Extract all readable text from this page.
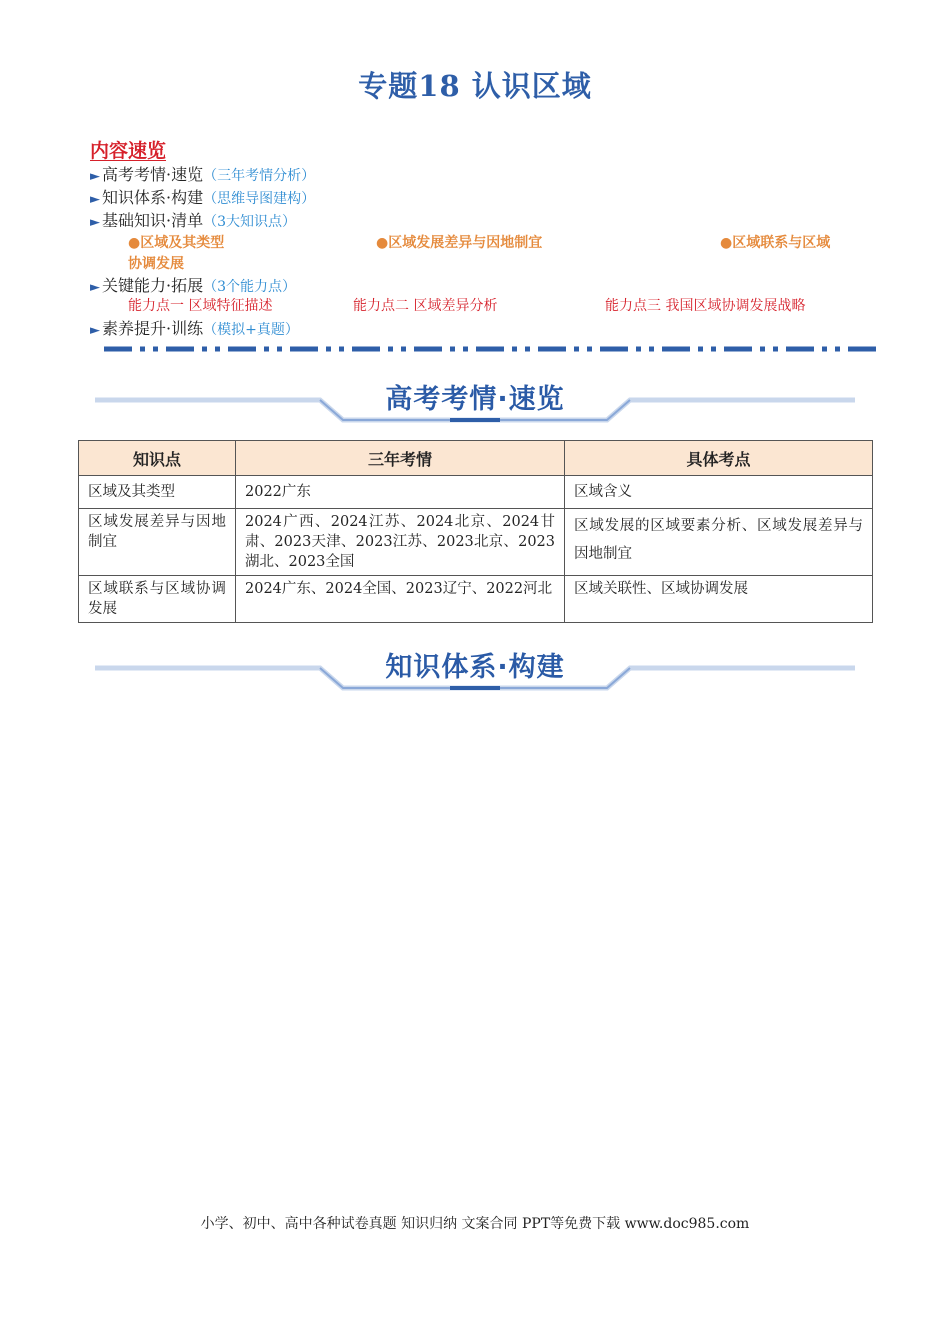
专题18 认识区域
内容速览
► 高考考情·速览（三年考情分析）
► 知识体系·构建（思维导图建构）
► 基础知识·清单（3大知识点）
●区域及其类型	●区域发展差异与因地制宜	●区域联系与区域
协调发展
► 关键能力·拓展（3个能力点）
能力点一 区域特征描述	能力点二 区域差异分析	能力点三 我国区域协调发展战略
► 素养提升·训练（模拟+真题）
高考考情·速览
知识点	三年考情	具体考点
区域及其类型	2022广东	区域含义
区域发展差异与因地制宜	2024广西、2024江苏、2024北京、2024甘肃、2023天津、2023江苏、2023北京、2023湖北、2023全国	区域发展的区域要素分析、区域发展差异与因地制宜
区域联系与区域协调发展	2024广东、2024全国、2023辽宁、2022河北	区域关联性、区域协调发展
知识体系·构建
小学、初中、高中各种试卷真题 知识归纳 文案合同 PPT等免费下载 www.doc985.com
